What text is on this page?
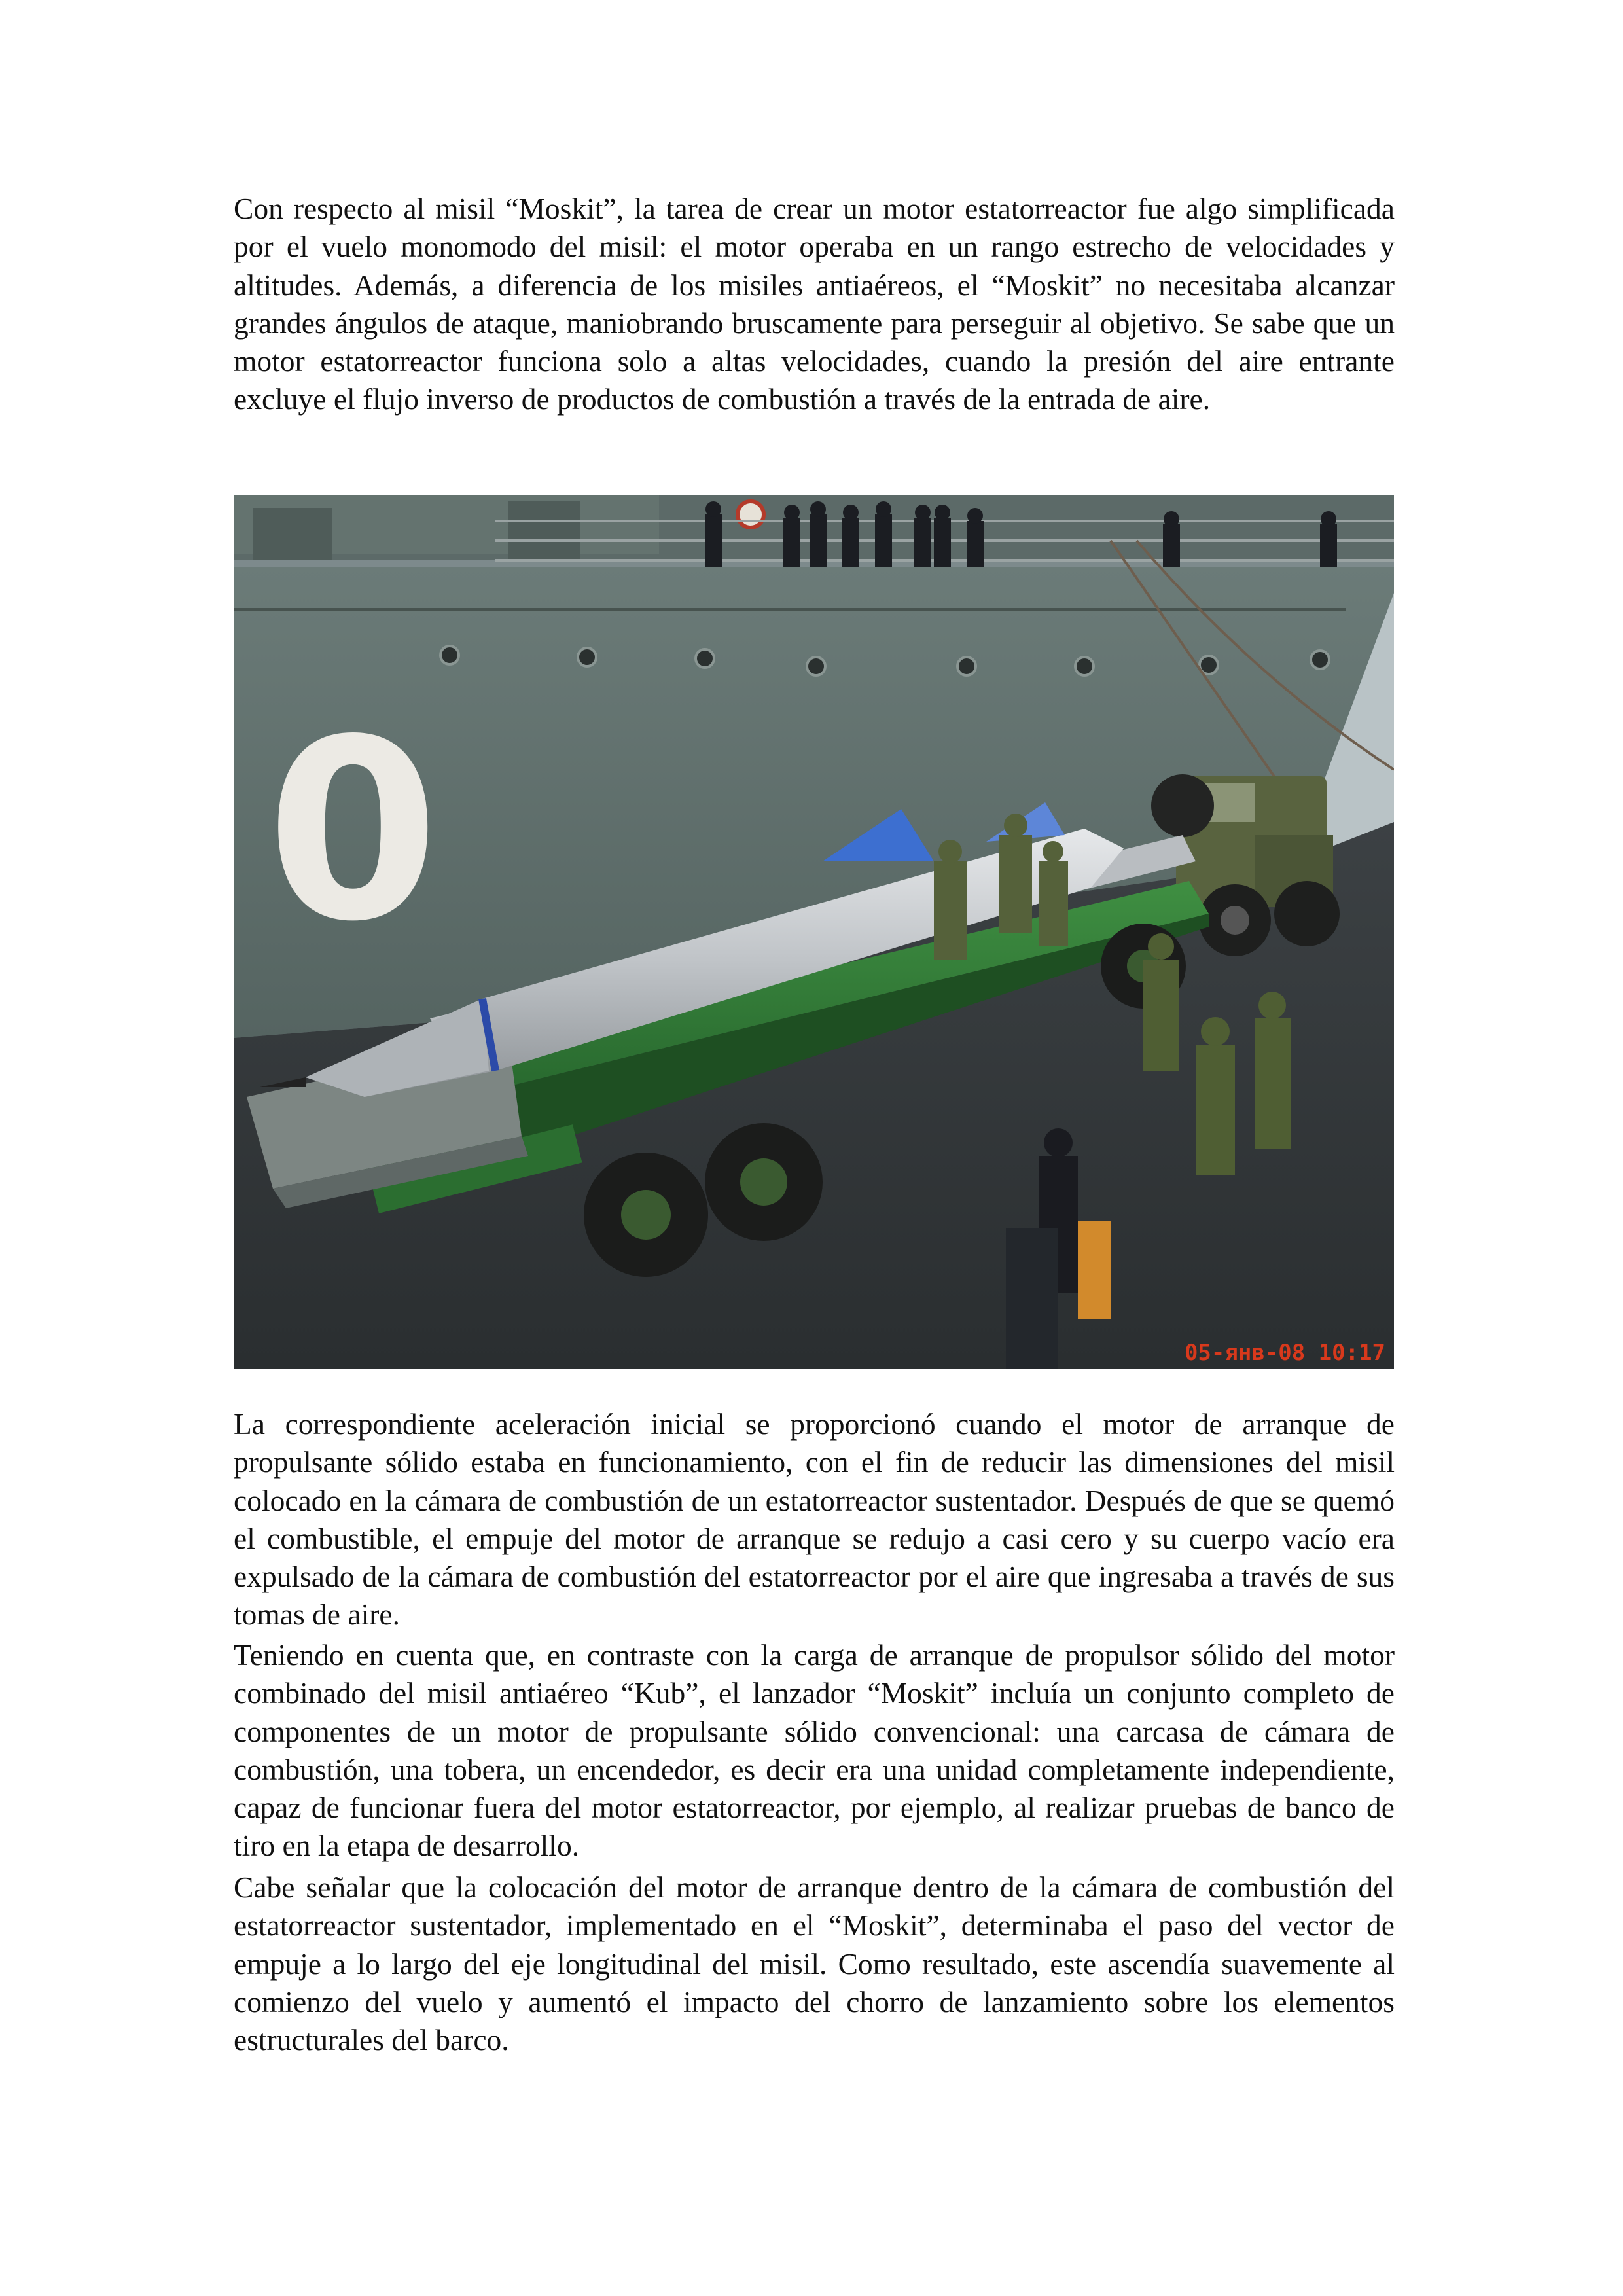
Con respecto al misil “Moskit”, la tarea de crear un motor estatorreactor fue algo simplificada por el vuelo monomodo del misil: el motor operaba en un rango estrecho de velocidades y altitudes. Además, a diferencia de los misiles antiaéreos, el “Moskit” no necesitaba alcanzar grandes ángulos de ataque, maniobrando bruscamente para perseguir al objetivo. Se sabe que un motor estatorreactor funciona solo a altas velocidades, cuando la presión del aire entrante excluye el flujo inverso de productos de combustión a través de la entrada de aire.

0
05-янв-08 10:17

La correspondiente aceleración inicial se proporcionó cuando el motor de arranque de propulsante sólido estaba en funcionamiento, con el fin de reducir las dimensiones del misil colocado en la cámara de combustión de un estatorreactor sustentador. Después de que se quemó el combustible, el empuje del motor de arranque se redujo a casi cero y su cuerpo vacío era expulsado de la cámara de combustión del estatorreactor por el aire que ingresaba a través de sus tomas de aire.

Teniendo en cuenta que, en contraste con la carga de arranque de propulsor sólido del motor combinado del misil antiaéreo “Kub”, el lanzador “Moskit” incluía un conjunto completo de componentes de un motor de propulsante sólido convencional: una carcasa de cámara de combustión, una tobera, un encendedor, es decir era una unidad completamente independiente, capaz de funcionar fuera del motor estatorreactor, por ejemplo, al realizar pruebas de banco de tiro en la etapa de desarrollo.

Cabe señalar que la colocación del motor de arranque dentro de la cámara de combustión del estatorreactor sustentador, implementado en el “Moskit”, determinaba el paso del vector de empuje a lo largo del eje longitudinal del misil. Como resultado, este ascendía suavemente al comienzo del vuelo y aumentó el impacto del chorro de lanzamiento sobre los elementos estructurales del barco.
